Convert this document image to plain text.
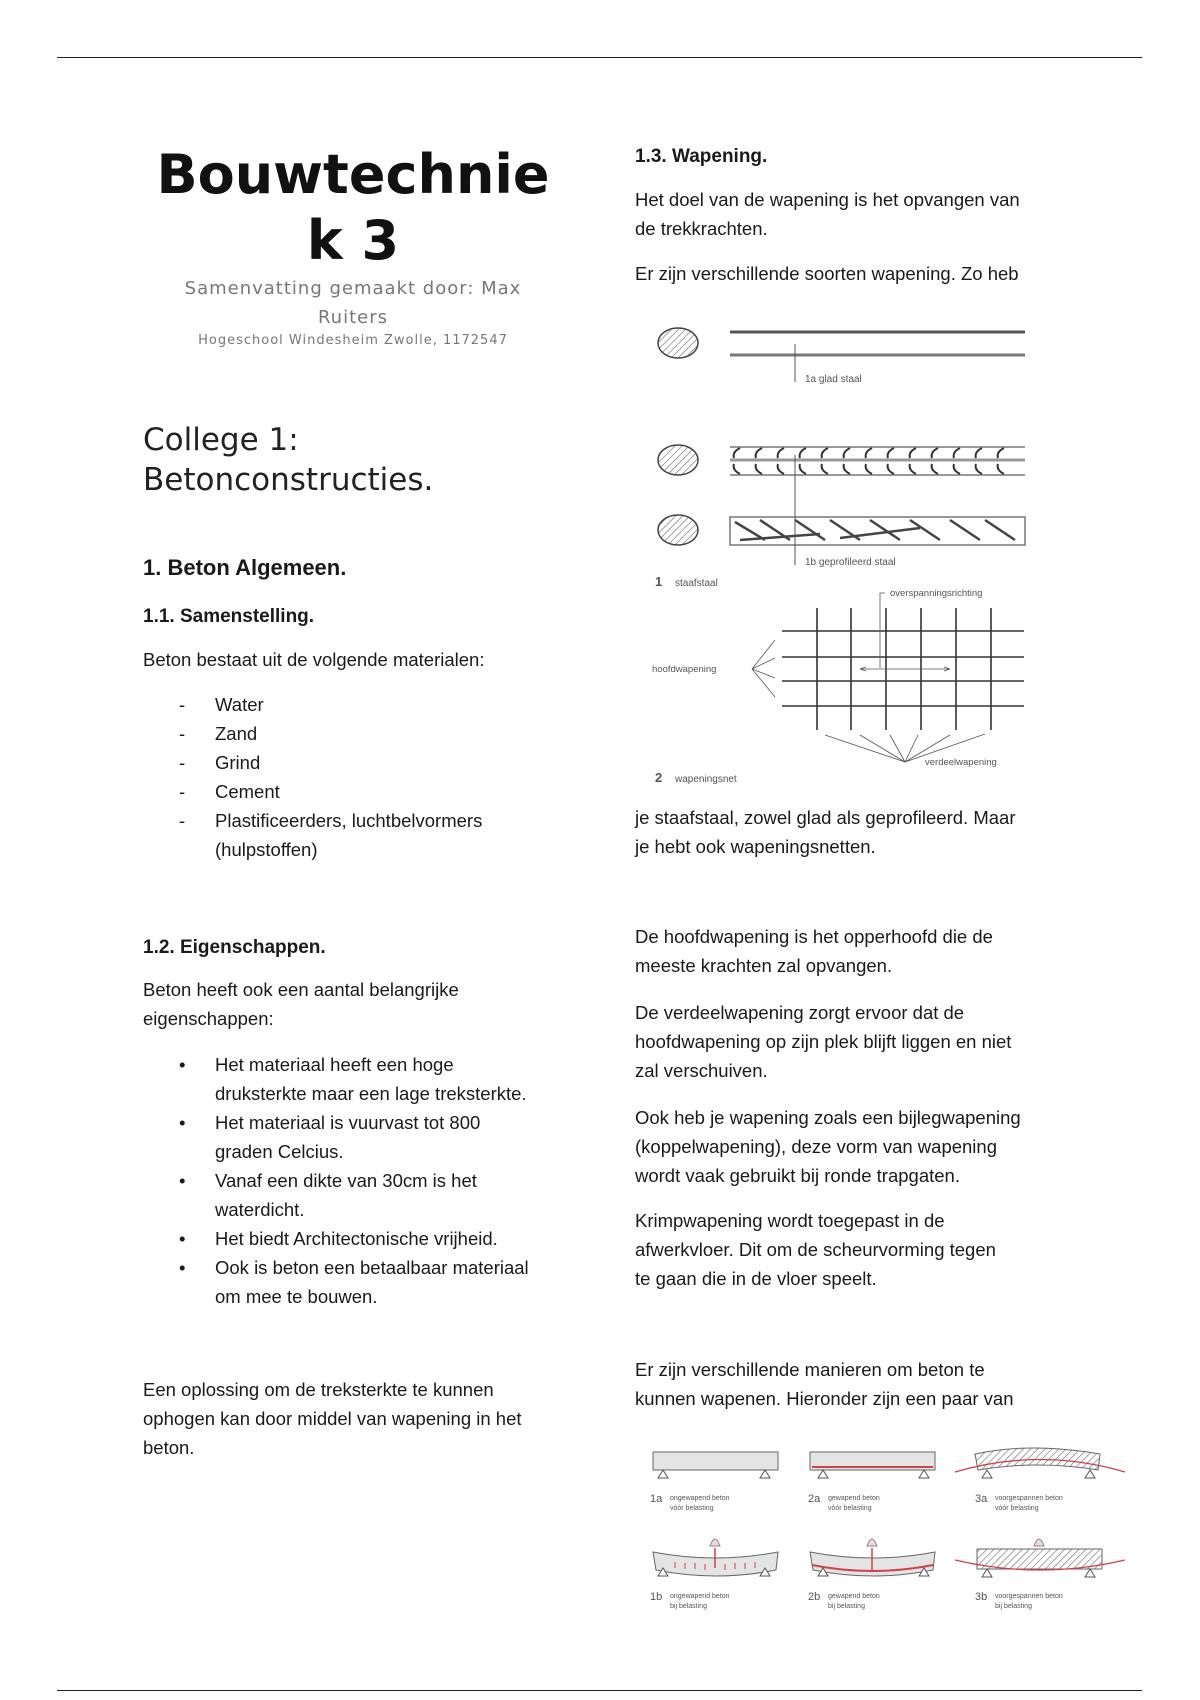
Bouwtechnie
k 3
Samenvatting gemaakt door: Max
Ruiters
Hogeschool Windesheim Zwolle, 1172547
College 1:
Betonconstructies.
1. Beton Algemeen.
1.1. Samenstelling.
Beton bestaat uit de volgende materialen:
- Water
- Zand
- Grind
- Cement
- Plastificeerders, luchtbelvormers
(hulpstoffen)
1.2. Eigenschappen.
Beton heeft ook een aantal belangrijke
eigenschappen:
• Het materiaal heeft een hoge
druksterkte maar een lage treksterkte.
• Het materiaal is vuurvast tot 800
graden Celcius.
• Vanaf een dikte van 30cm is het
waterdicht.
• Het biedt Architectonische vrijheid.
• Ook is beton een betaalbaar materiaal
om mee te bouwen.
Een oplossing om de treksterkte te kunnen
ophogen kan door middel van wapening in het
beton.
1.3. Wapening.
Het doel van de wapening is het opvangen van
de trekkrachten.
Er zijn verschillende soorten wapening. Zo heb
1a glad staal
1b geprofileerd staal
1 staafstaal
overspanningsrichting
hoofdwapening
verdeelwapening
2 wapeningsnet
je staafstaal, zowel glad als geprofileerd. Maar
je hebt ook wapeningsnetten.
De hoofdwapening is het opperhoofd die de
meeste krachten zal opvangen.
De verdeelwapening zorgt ervoor dat de
hoofdwapening op zijn plek blijft liggen en niet
zal verschuiven.
Ook heb je wapening zoals een bijlegwapening
(koppelwapening), deze vorm van wapening
wordt vaak gebruikt bij ronde trapgaten.
Krimpwapening wordt toegepast in de
afwerkvloer. Dit om de scheurvorming tegen
te gaan die in de vloer speelt.
Er zijn verschillende manieren om beton te
kunnen wapenen. Hieronder zijn een paar van
1a ongewapend beton
vóór belasting
2a gewapend beton
vóór belasting
3a voorgespannen beton
vóór belasting
1b ongewapend beton
bij belasting
2b gewapend beton
bij belasting
3b voorgespannen beton
bij belasting
